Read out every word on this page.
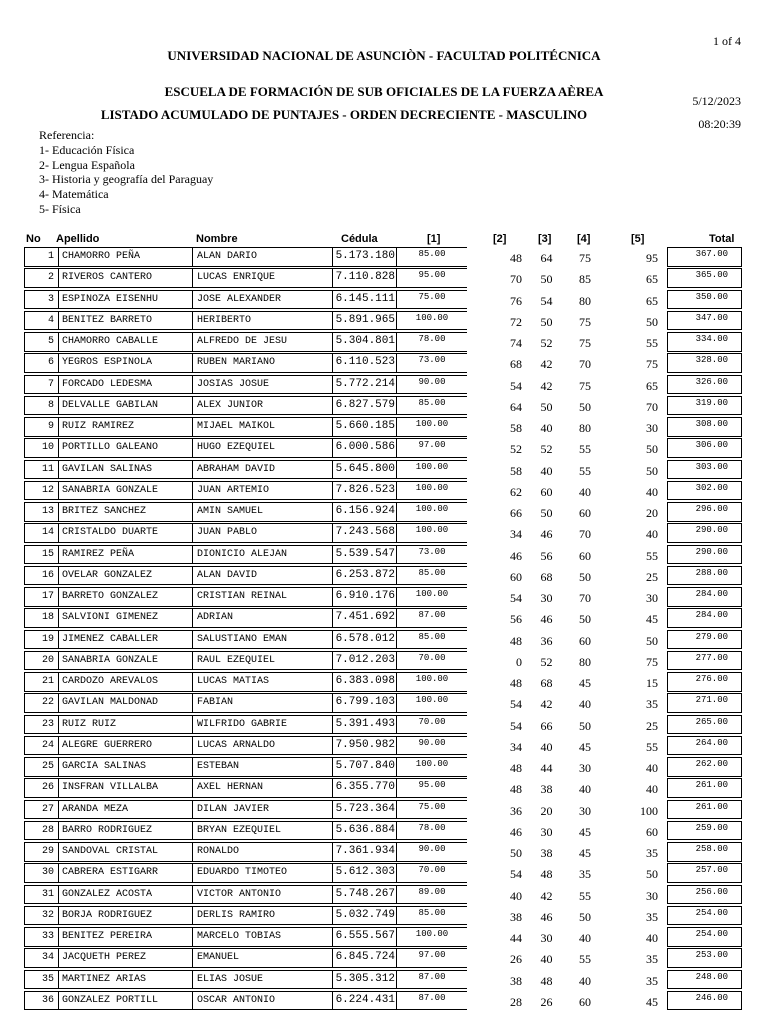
1 of 4
UNIVERSIDAD NACIONAL DE ASUNCIÒN - FACULTAD POLITÉCNICA
ESCUELA DE FORMACIÓN DE SUB OFICIALES DE LA FUERZA AÈREA
LISTADO ACUMULADO DE PUNTAJES - ORDEN DECRECIENTE - MASCULINO
5/12/2023
08:20:39
Referencia:
1- Educación Física
2- Lengua Española
3- Historia y geografía del Paraguay
4- Matemática
5- Física
No Apellido	Nombre	Cédula	[1]	[2]	[3] [4]	[5]	Total
1 CHAMORRO PEÑA	ALAN DARIO	5.173.180	85.00	48	64	75	95	367.00
2 RIVEROS CANTERO	LUCAS ENRIQUE	7.110.828	95.00	70	50	85	65	365.00
3 ESPINOZA EISENHU	JOSE ALEXANDER	6.145.111	75.00	76	54	80	65	350.00
4 BENITEZ BARRETO	HERIBERTO	5.891.965	100.00	72	50	75	50	347.00
5 CHAMORRO CABALLE	ALFREDO DE JESU	5.304.801	78.00	74	52	75	55	334.00
6 YEGROS ESPINOLA	RUBEN MARIANO	6.110.523	73.00	68	42	70	75	328.00
7 FORCADO LEDESMA	JOSIAS JOSUE	5.772.214	90.00	54	42	75	65	326.00
8 DELVALLE GABILAN	ALEX JUNIOR	6.827.579	85.00	64	50	50	70	319.00
9 RUIZ RAMIREZ	MIJAEL MAIKOL	5.660.185	100.00	58	40	80	30	308.00
10 PORTILLO GALEANO	HUGO EZEQUIEL	6.000.586	97.00	52	52	55	50	306.00
11 GAVILAN SALINAS	ABRAHAM DAVID	5.645.800	100.00	58	40	55	50	303.00
12 SANABRIA GONZALE	JUAN ARTEMIO	7.826.523	100.00	62	60	40	40	302.00
13 BRITEZ SANCHEZ	AMIN SAMUEL	6.156.924	100.00	66	50	60	20	296.00
14 CRISTALDO DUARTE	JUAN PABLO	7.243.568	100.00	34	46	70	40	290.00
15 RAMIREZ PEÑA	DIONICIO ALEJAN	5.539.547	73.00	46	56	60	55	290.00
16 OVELAR GONZALEZ	ALAN DAVID	6.253.872	85.00	60	68	50	25	288.00
17 BARRETO GONZALEZ	CRISTIAN REINAL	6.910.176	100.00	54	30	70	30	284.00
18 SALVIONI GIMENEZ	ADRIAN	7.451.692	87.00	56	46	50	45	284.00
19 JIMENEZ CABALLER	SALUSTIANO EMAN	6.578.012	85.00	48	36	60	50	279.00
20 SANABRIA GONZALE	RAUL EZEQUIEL	7.012.203	70.00	0	52	80	75	277.00
21 CARDOZO AREVALOS	LUCAS MATIAS	6.383.098	100.00	48	68	45	15	276.00
22 GAVILAN MALDONAD	FABIAN	6.799.103	100.00	54	42	40	35	271.00
23 RUIZ RUIZ	WILFRIDO GABRIE	5.391.493	70.00	54	66	50	25	265.00
24 ALEGRE GUERRERO	LUCAS ARNALDO	7.950.982	90.00	34	40	45	55	264.00
25 GARCIA SALINAS	ESTEBAN	5.707.840	100.00	48	44	30	40	262.00
26 INSFRAN VILLALBA	AXEL HERNAN	6.355.770	95.00	48	38	40	40	261.00
27 ARANDA MEZA	DILAN JAVIER	5.723.364	75.00	36	20	30	100	261.00
28 BARRO RODRIGUEZ	BRYAN EZEQUIEL	5.636.884	78.00	46	30	45	60	259.00
29 SANDOVAL CRISTAL	RONALDO	7.361.934	90.00	50	38	45	35	258.00
30 CABRERA ESTIGARR	EDUARDO TIMOTEO	5.612.303	70.00	54	48	35	50	257.00
31 GONZALEZ ACOSTA	VICTOR ANTONIO	5.748.267	89.00	40	42	55	30	256.00
32 BORJA RODRIGUEZ	DERLIS RAMIRO	5.032.749	85.00	38	46	50	35	254.00
33 BENITEZ PEREIRA	MARCELO TOBIAS	6.555.567	100.00	44	30	40	40	254.00
34 JACQUETH PEREZ	EMANUEL	6.845.724	97.00	26	40	55	35	253.00
35 MARTINEZ ARIAS	ELIAS JOSUE	5.305.312	87.00	38	48	40	35	248.00
36 GONZALEZ PORTILL	OSCAR ANTONIO	6.224.431	87.00	28	26	60	45	246.00
